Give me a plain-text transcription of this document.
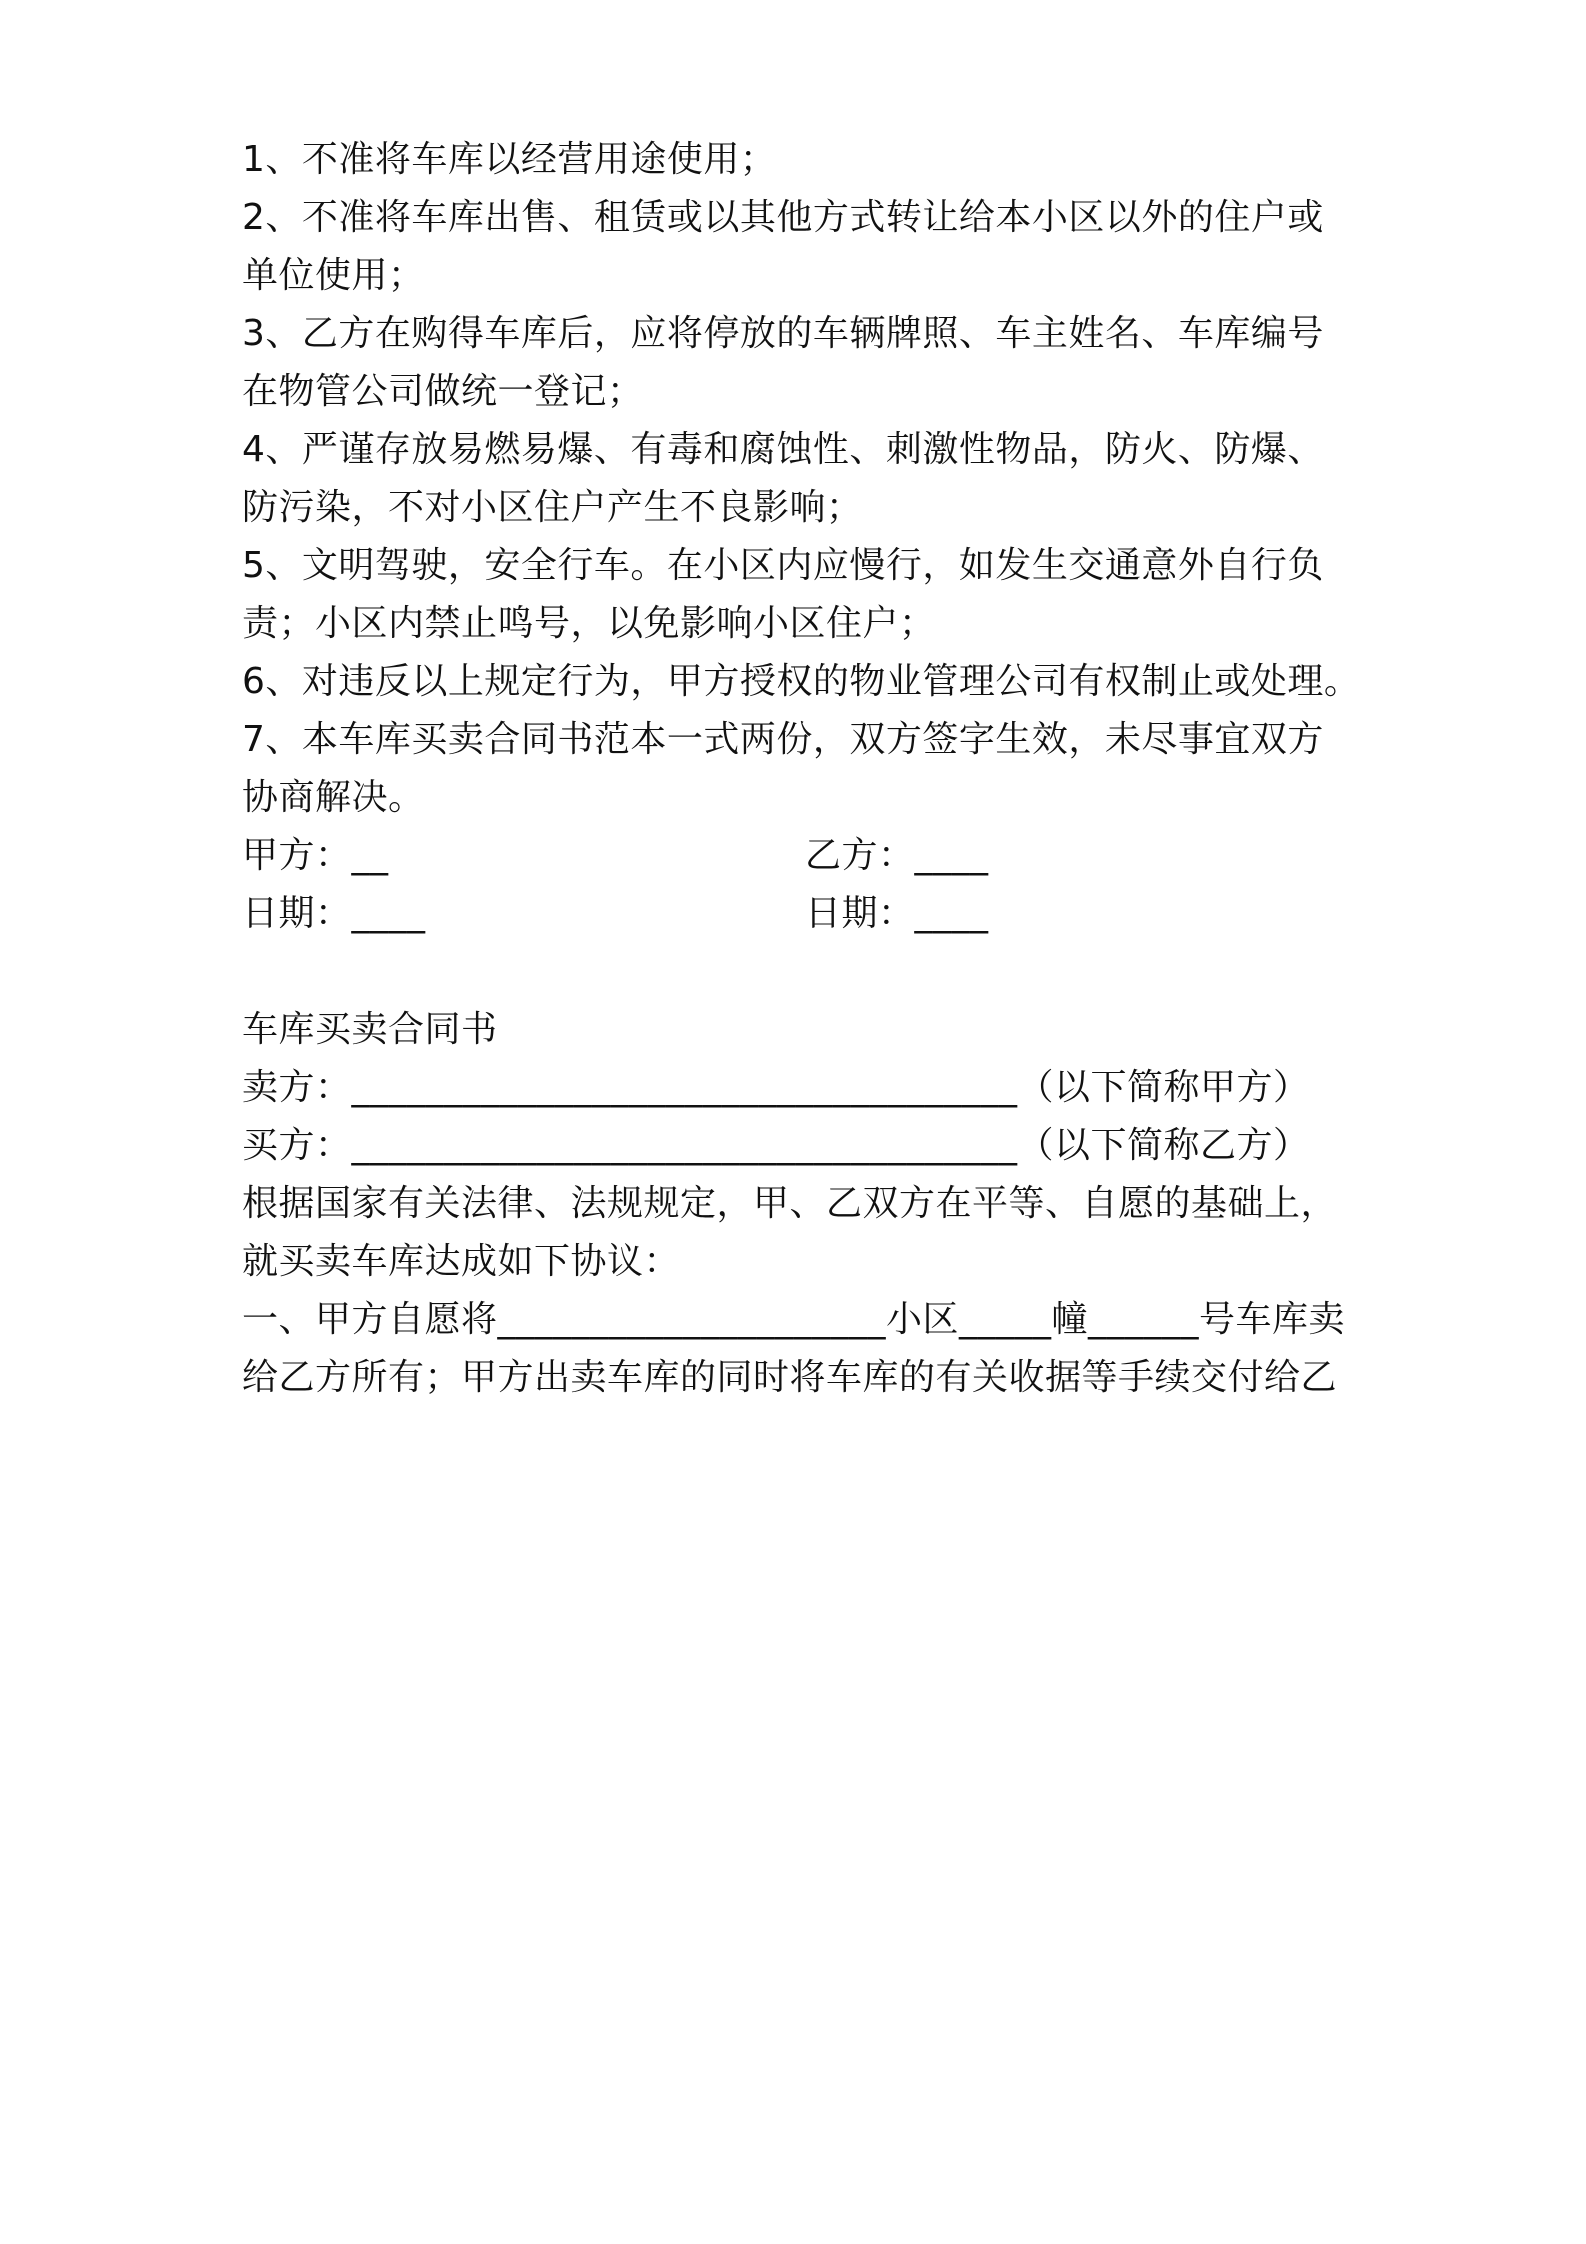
1、不准将车库以经营用途使用；
2、不准将车库出售、租赁或以其他方式转让给本小区以外的住户或
单位使用；
3、乙方在购得车库后，应将停放的车辆牌照、车主姓名、车库编号
在物管公司做统一登记；
4、严谨存放易燃易爆、有毒和腐蚀性、刺激性物品，防火、防爆、
防污染，不对小区住户产生不良影响；
5、文明驾驶，安全行车。在小区内应慢行，如发生交通意外自行负
责；小区内禁止鸣号，以免影响小区住户；
6、对违反以上规定行为，甲方授权的物业管理公司有权制止或处理。
7、本车库买卖合同书范本一式两份，双方签字生效，未尽事宜双方
协商解决。
甲方：__	乙方：____
日期：____	日期：____
车库买卖合同书
卖方：____________________________________（以下简称甲方）
买方：____________________________________（以下简称乙方）
根据国家有关法律、法规规定，甲、乙双方在平等、自愿的基础上，
就买卖车库达成如下协议：
一、甲方自愿将_____________________小区_____幢______号车库卖
给乙方所有；甲方出卖车库的同时将车库的有关收据等手续交付给乙
